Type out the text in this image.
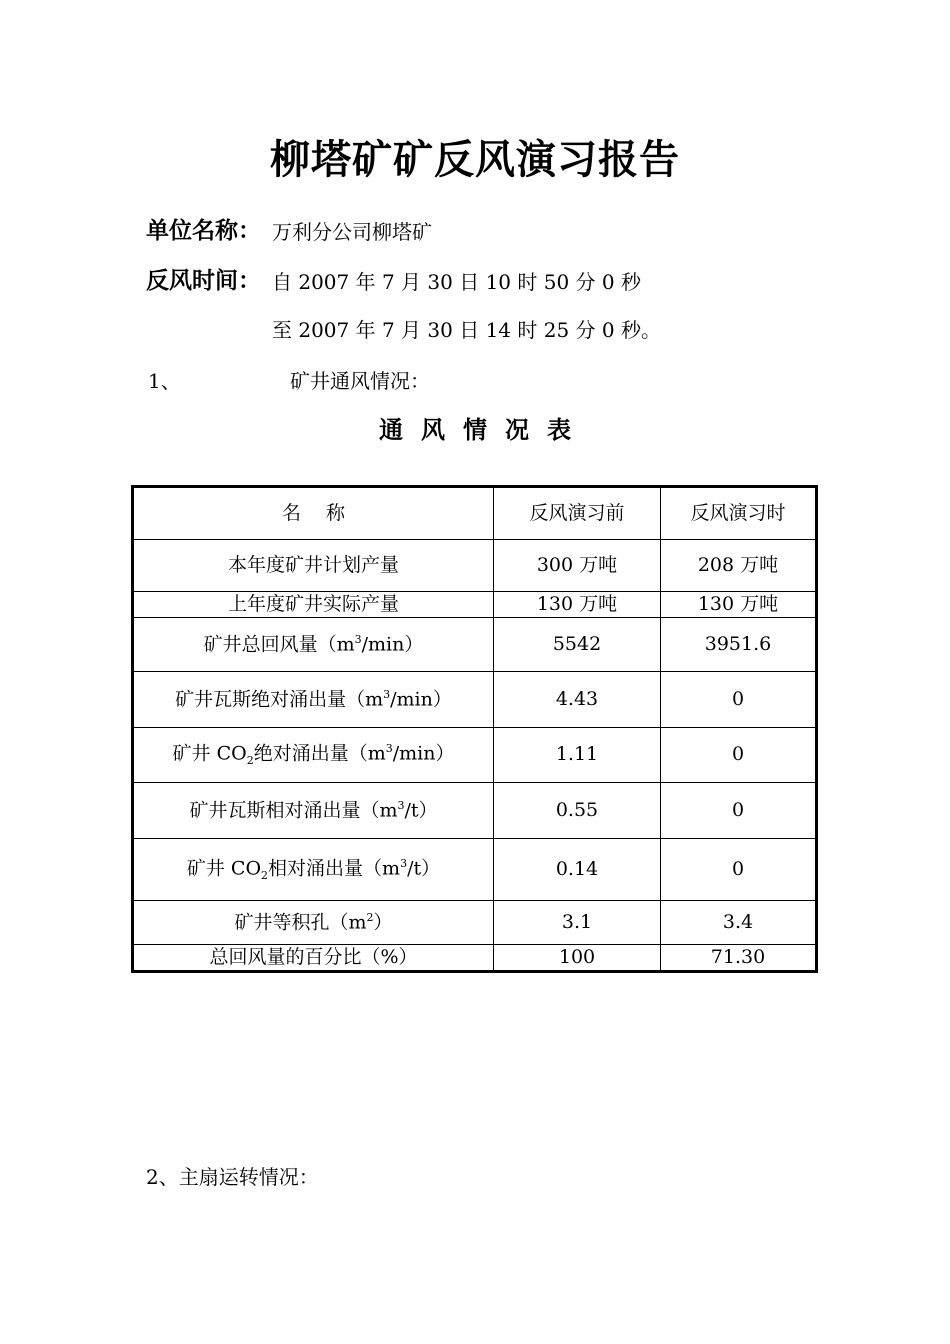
柳塔矿矿反风演习报告
单位名称： 万利分公司柳塔矿
反风时间： 自 2007 年 7 月 30 日 10 时 50 分 0 秒
至 2007 年 7 月 30 日 14 时 25 分 0 秒。
1、	矿井通风情况：
通 风 情 况 表
名　 称	反风演习前	反风演习时
本年度矿井计划产量	300 万吨	208 万吨
上年度矿井实际产量	130 万吨	130 万吨
矿井总回风量$(m^3/\min)$	5542	3951.6
矿井瓦斯绝对涌出量$(m^3/\min)$	4.43	0
矿井 $CO_2$绝对涌出量$(m^3/\min)$	1.11	0
矿井瓦斯相对涌出量$(m^3/t)$	0.55	0
矿井 $CO_2$相对涌出量$(m^3/t)$	0.14	0
矿井等积孔$(m^2)$	3.1	3.4
总回风量的百分比（%）	100	71.30
2、主扇运转情况：
